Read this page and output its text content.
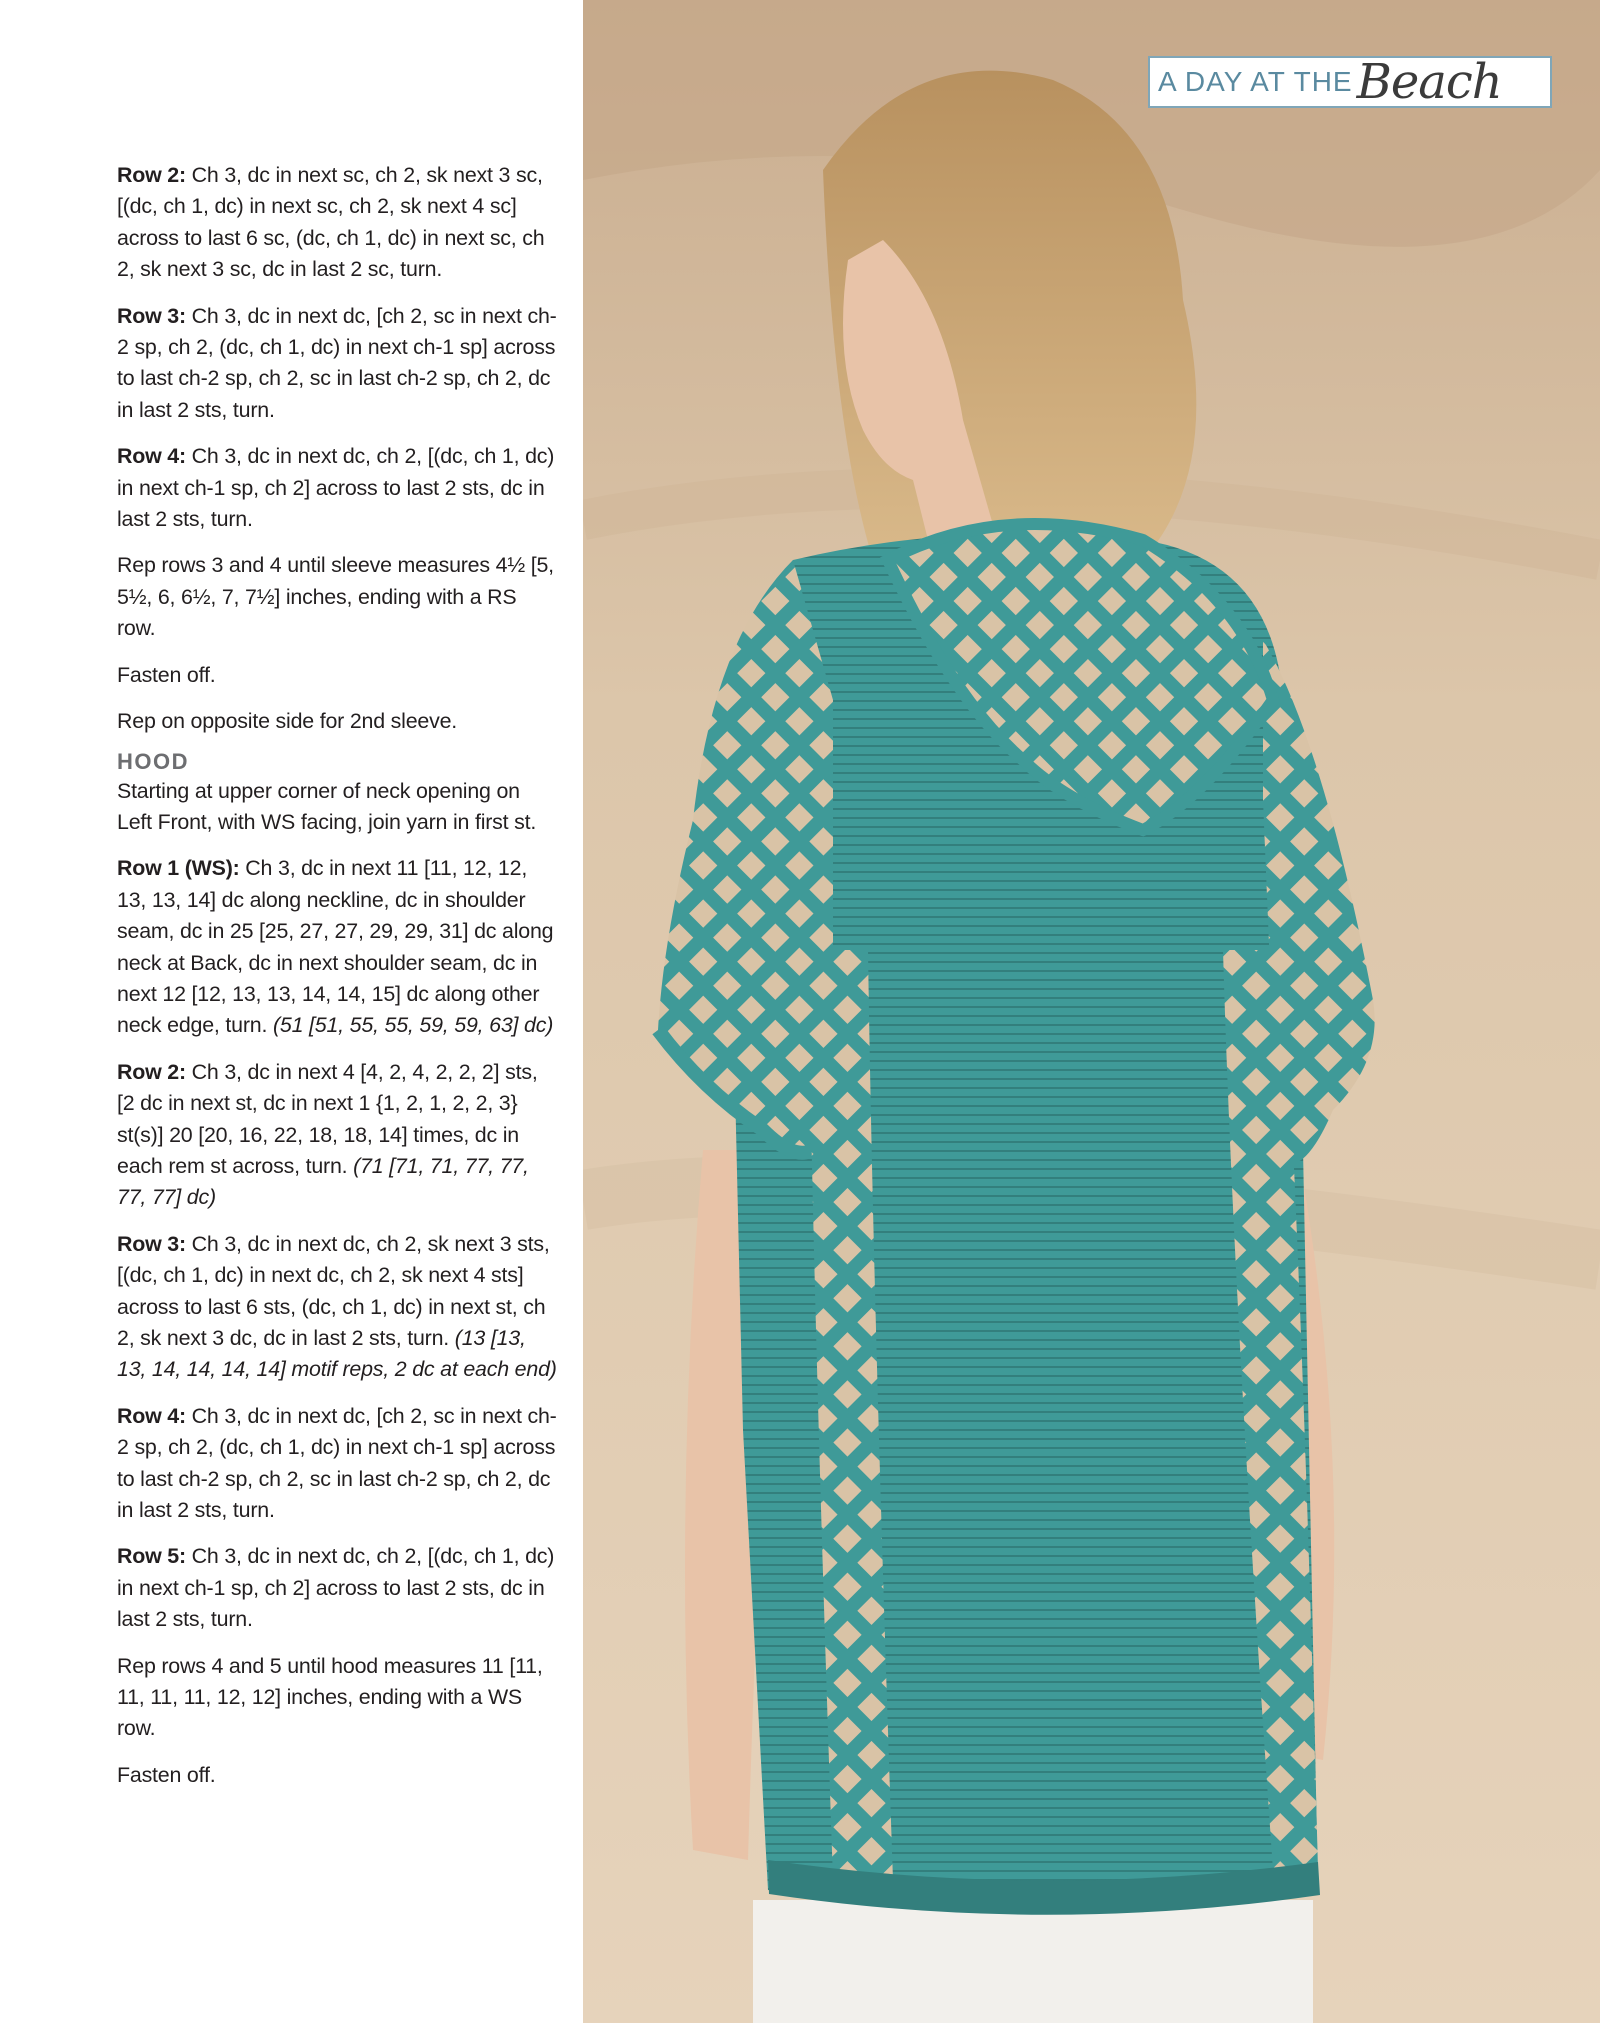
Row 2: Ch 3, dc in next sc, ch 2, sk next 3 sc, [(dc, ch 1, dc) in next sc, ch 2, sk next 4 sc] across to last 6 sc, (dc, ch 1, dc) in next sc, ch 2, sk next 3 sc, dc in last 2 sc, turn.

Row 3: Ch 3, dc in next dc, [ch 2, sc in next ch-2 sp, ch 2, (dc, ch 1, dc) in next ch-1 sp] across to last ch-2 sp, ch 2, sc in last ch-2 sp, ch 2, dc in last 2 sts, turn.

Row 4: Ch 3, dc in next dc, ch 2, [(dc, ch 1, dc) in next ch-1 sp, ch 2] across to last 2 sts, dc in last 2 sts, turn.

Rep rows 3 and 4 until sleeve measures 4½ [5, 5½, 6, 6½, 7, 7½] inches, ending with a RS row.

Fasten off.

Rep on opposite side for 2nd sleeve.

HOOD

Starting at upper corner of neck opening on Left Front, with WS facing, join yarn in first st.

Row 1 (WS): Ch 3, dc in next 11 [11, 12, 12, 13, 13, 14] dc along neckline, dc in shoulder seam, dc in 25 [25, 27, 27, 29, 29, 31] dc along neck at Back, dc in next shoulder seam, dc in next 12 [12, 13, 13, 14, 14, 15] dc along other neck edge, turn. (51 [51, 55, 55, 59, 59, 63] dc)

Row 2: Ch 3, dc in next 4 [4, 2, 4, 2, 2, 2] sts, [2 dc in next st, dc in next 1 {1, 2, 1, 2, 2, 3} st(s)] 20 [20, 16, 22, 18, 18, 14] times, dc in each rem st across, turn. (71 [71, 71, 77, 77, 77, 77] dc)

Row 3: Ch 3, dc in next dc, ch 2, sk next 3 sts, [(dc, ch 1, dc) in next dc, ch 2, sk next 4 sts] across to last 6 sts, (dc, ch 1, dc) in next st, ch 2, sk next 3 dc, dc in last 2 sts, turn. (13 [13, 13, 14, 14, 14, 14] motif reps, 2 dc at each end)

Row 4: Ch 3, dc in next dc, [ch 2, sc in next ch-2 sp, ch 2, (dc, ch 1, dc) in next ch-1 sp] across to last ch-2 sp, ch 2, sc in last ch-2 sp, ch 2, dc in last 2 sts, turn.

Row 5: Ch 3, dc in next dc, ch 2, [(dc, ch 1, dc) in next ch-1 sp, ch 2] across to last 2 sts, dc in last 2 sts, turn.

Rep rows 4 and 5 until hood measures 11 [11, 11, 11, 11, 12, 12] inches, ending with a WS row.

Fasten off.

A DAY AT THE Beach
